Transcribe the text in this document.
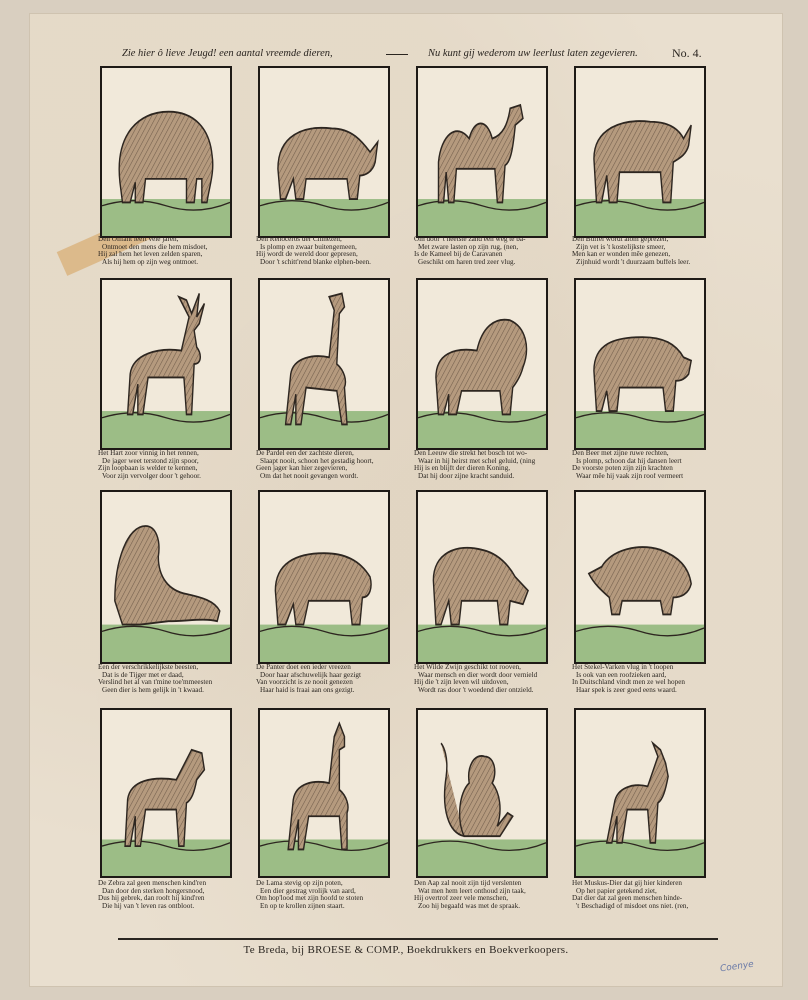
Zie hier ô lieve Jeugd! een aantal vreemde dieren,	Nu kunt gij wederom uw leerlust laten zegevieren.	No. 4.
Den Olifant leeft vele jaren,
Ontmoet den mens die hem misdoet,
Hij zal hem het leven zelden sparen,
Als hij hem op zijn weg ontmoet.
Den Renoceros der Chinezen,
Is plomp en zwaar buitengemeen,
Hij wordt de wereld door gepresen,
Door 't schitt'rend blanke elphen-been.
Om door 't heetste zand een weg te ba-
Met zware lasten op zijn rug, (nen,
Is de Kameel bij de Caravanen
Geschikt om haren tred zeer vlug.
Den Buffel wordt alom geprezen,
Zijn vet is 't kostelijkste smeer,
Men kan er wonden mêe genezen,
Zijnhuid wordt 't duurzaam buffels leer.
Het Hart zoor vinnig in het rennen,
De jager weet terstond zijn spoor,
Zijn loopbaan is welder te kennen,
Voor zijn vervolger door 't gehoor.
De Pardel een der zachtste dieren,
Slaapt nooit, schoon het gestadig hoort,
Geen jager kan hier zegevieren,
Om dat het nooit gevangen wordt.
Den Leeuw die strekt het bosch tot wo-
Waar in hij heirst met schel geluid, (ning
Hij is en blijft der dieren Koning,
Dat hij door zijne kracht sanduid.
Den Beer met zijne ruwe rechten,
Is plomp, schoon dat hij dansen leert
De voorste poten zijn zijn krachten
Waar mêe hij vaak zijn roof vermeert
Een der verschrikkelijkste beesten,
Dat is de Tijger met er daad,
Verslind het al van t'mine toe'mmeesten
Geen dier is hem gelijk in 't kwaad.
De Panter doet een ieder vreezen
Door haar afschuwelijk haar gezigt
Van voorzicht is ze nooit genezen
Haar haid is fraai aan ons gezigt.
Het Wilde Zwijn geschikt tot rooven,
Waar mensch en dier wordt door vernield
Hij die 't zijn leven wil uitdoven,
Wordt ras door 't woedend dier ontzield.
Het Stekel-Varken vlug in 't loopen
Is ook van een roofzieken aard,
In Duitschland vindt men ze wel hopen
Haar spek is zeer goed eens waard.
De Zebra zal geen menschen kind'ren
Dan door den sterken hongersnood,
Dus hij gebrek, dan rooft hij kind'ren
Die hij van 't leven ras ontbloot.
De Lama stevig op zijn poten,
Een dier gestrag vrolijk van aard,
Om hop'lood met zijn hoofd te stoten
En op te krollen zijnen staart.
Den Aap zal nooit zijn tijd verslenten
Wat men hem leert onthoud zijn taak,
Hij overtrof zeer vele menschen,
Zoo hij begaafd was met de spraak.
Het Muskus-Dier dat gij hier kinderen
Op het papier getekend ziet,
Dat dier dat zal geen menschen hinde-
't Beschadigd of misdoet ons niet. (ren,
Te Breda, bij BROESE & COMP., Boekdrukkers en Boekverkoopers.
Coenye
